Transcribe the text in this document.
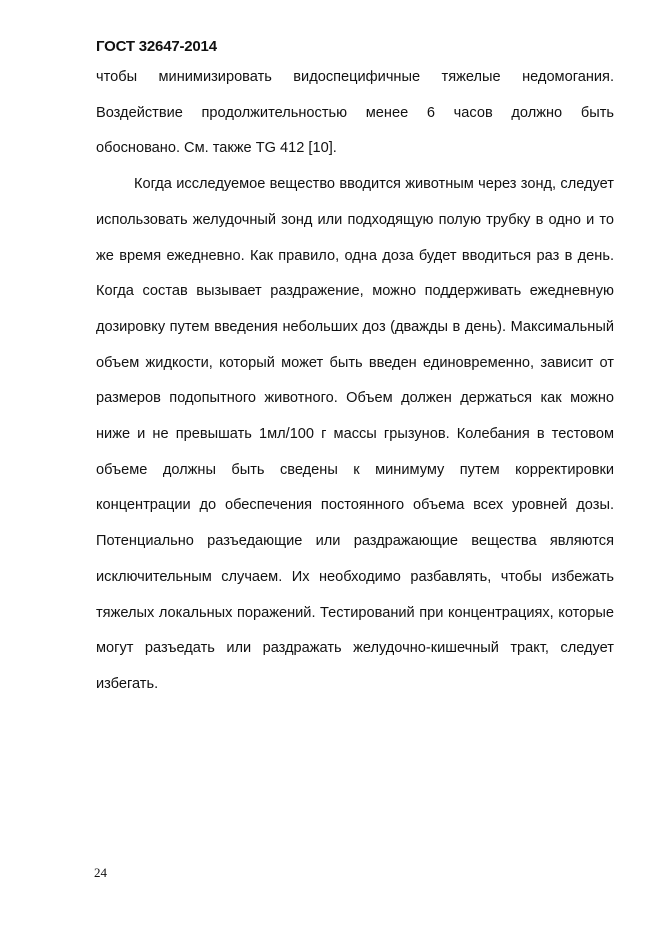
ГОСТ 32647-2014

чтобы минимизировать видоспецифичные тяжелые недомогания. Воздействие продолжительностью менее 6 часов должно быть обосновано. См. также TG 412 [10].

Когда исследуемое вещество вводится животным через зонд, следует использовать желудочный зонд или подходящую полую трубку в одно и то же время ежедневно. Как правило, одна доза будет вводиться раз в день. Когда состав вызывает раздражение, можно поддерживать ежедневную дозировку путем введения небольших доз (дважды в день). Максимальный объем жидкости, который может быть введен единовременно, зависит от размеров подопытного животного. Объем должен держаться как можно ниже и не превышать 1мл/100 г массы грызунов. Колебания в тестовом объеме должны быть сведены к минимуму путем корректировки концентрации до обеспечения постоянного объема всех уровней дозы. Потенциально разъедающие или раздражающие вещества являются исключительным случаем. Их необходимо разбавлять, чтобы избежать тяжелых локальных поражений. Тестирований при концентрациях, которые могут разъедать или раздражать желудочно-кишечный тракт, следует избегать.

24
